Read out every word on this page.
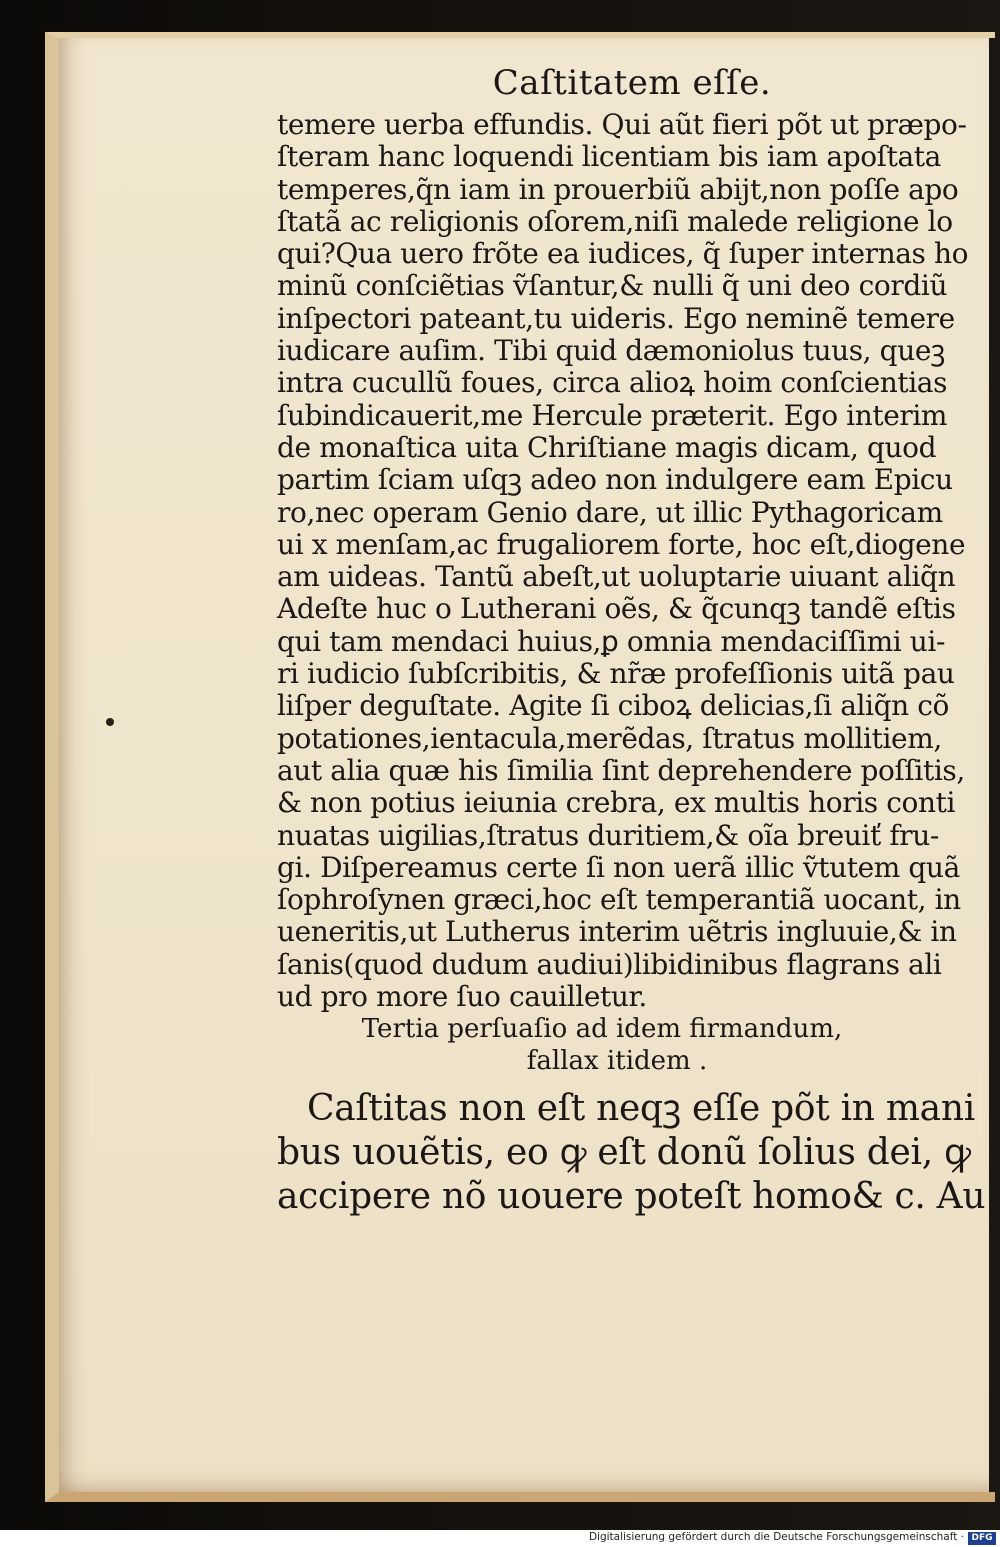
Caſtitatem eſſe.
temere uerba effundis. Qui aũt fieri põt ut præpo-
ſteram hanc loquendi licentiam bis iam apoſtata
temperes,q̃n iam in prouerbiũ abijt,non poſſe apo
ſtatã ac religionis oſorem,niſi malede religione lo
qui?Qua uero frõte ea iudices, q̃ ſuper internas ho
minũ conſciẽtias ṽſantur,& nulli q̃ uni deo cordiũ
inſpectori pateant,tu uideris. Ego neminẽ temere
iudicare auſim. Tibi quid dæmoniolus tuus, queꝫ
intra cucullũ foues, circa alioꝝ hoim conſcientias
ſubindicauerit,me Hercule præterit. Ego interim
de monaſtica uita Chriſtiane magis dicam, quod
partim ſciam uſqꝫ adeo non indulgere eam Epicu
ro,nec operam Genio dare, ut illic Pythagoricam
ui x menſam,ac frugaliorem forte, hoc eſt,diogene
am uideas. Tantũ abeſt,ut uoluptarie uiuant aliq̃n
Adeſte huc o Lutherani oẽs, & q̃cunqꝫ tandẽ eſtis
qui tam mendaci huius,ꝑ omnia mendaciſſimi ui-
ri iudicio ſubſcribitis, & nr̃æ profeſſionis uitã pau
liſper deguſtate. Agite ſi ciboꝝ delicias,ſi aliq̃n cõ
potationes,ientacula,merẽdas, ſtratus mollitiem,
aut alia quæ his ſimilia ſint deprehendere poſſitis,
& non potius ieiunia crebra, ex multis horis conti
nuatas uigilias,ſtratus duritiem,& oĩa breuiť fru-
gi. Diſpereamus certe ſi non uerã illic ṽtutem quã
ſophroſynen græci,hoc eſt temperantiã uocant, in
ueneritis,ut Lutherus interim uẽtris ingluuie,& in
ſanis(quod dudum audiui)libidinibus flagrans ali
ud pro more ſuo cauilletur.
Tertia perſuaſio ad idem firmandum,
fallax itidem .
Caſtitas non eſt neqꝫ eſſe põt in mani
bus uouẽtis, eo ꝙ eſt donũ ſolius dei, ꝙ
accipere nõ uouere poteſt homo& c. Au
Digitalisierung gefördert durch die Deutsche Forschungsgemeinschaft · DFG
